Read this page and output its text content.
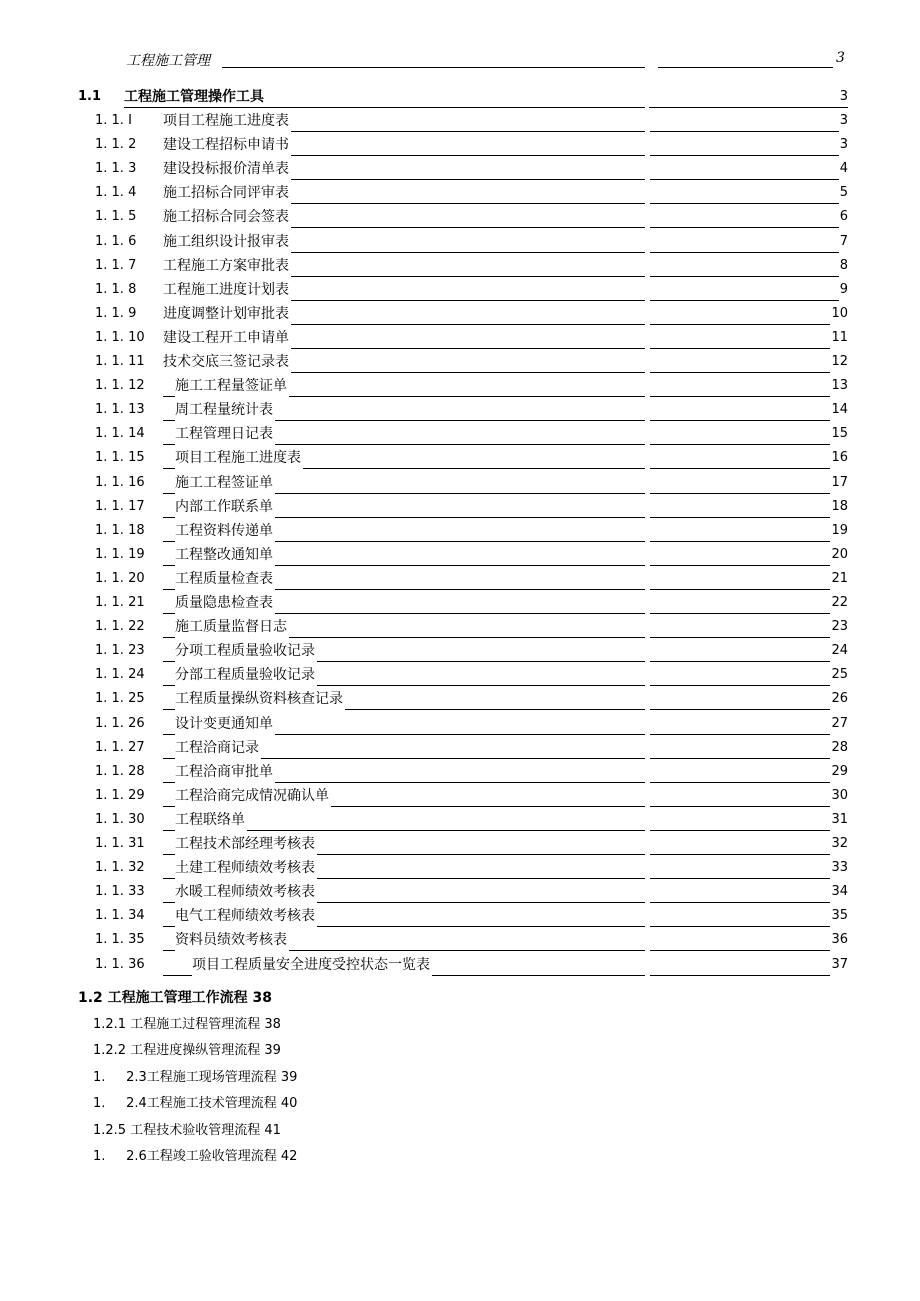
工程施工管理	3
1.1 工程施工管理操作工具	3
1. 1. I 项目工程施工进度表	3
1. 1. 2 建设工程招标申请书	3
1. 1. 3 建设投标报价清单表	4
1. 1. 4 施工招标合同评审表	5
1. 1. 5 施工招标合同会签表	6
1. 1. 6 施工组织设计报审表	7
1. 1. 7 工程施工方案审批表	8
1. 1. 8 工程施工进度计划表	9
1. 1. 9 进度调整计划审批表	10
1. 1. 10 建设工程开工申请单	11
1. 1. 11 技术交底三签记录表	12
1. 1. 12 施工工程量签证单	13
1. 1. 13 周工程量统计表	14
1. 1. 14 工程管理日记表	15
1. 1. 15 项目工程施工进度表	16
1. 1. 16 施工工程签证单	17
1. 1. 17 内部工作联系单	18
1. 1. 18 工程资料传递单	19
1. 1. 19 工程整改通知单	20
1. 1. 20 工程质量检查表	21
1. 1. 21 质量隐患检查表	22
1. 1. 22 施工质量监督日志	23
1. 1. 23 分项工程质量验收记录	24
1. 1. 24 分部工程质量验收记录	25
1. 1. 25 工程质量操纵资料核查记录	26
1. 1. 26 设计变更通知单	27
1. 1. 27 工程洽商记录	28
1. 1. 28 工程洽商审批单	29
1. 1. 29 工程洽商完成情况确认单	30
1. 1. 30 工程联络单	31
1. 1. 31 工程技术部经理考核表	32
1. 1. 32 土建工程师绩效考核表	33
1. 1. 33 水暖工程师绩效考核表	34
1. 1. 34 电气工程师绩效考核表	35
1. 1. 35 资料员绩效考核表	36
1. 1. 36	项目工程质量安全进度受控状态一览表	37
1.2 工程施工管理工作流程 38
1.2.1 工程施工过程管理流程 38
1.2.2 工程进度操纵管理流程 39
1.     2.3工程施工现场管理流程 39
1.     2.4工程施工技术管理流程 40
1.2.5 工程技术验收管理流程 41
1.     2.6工程竣工验收管理流程 42
